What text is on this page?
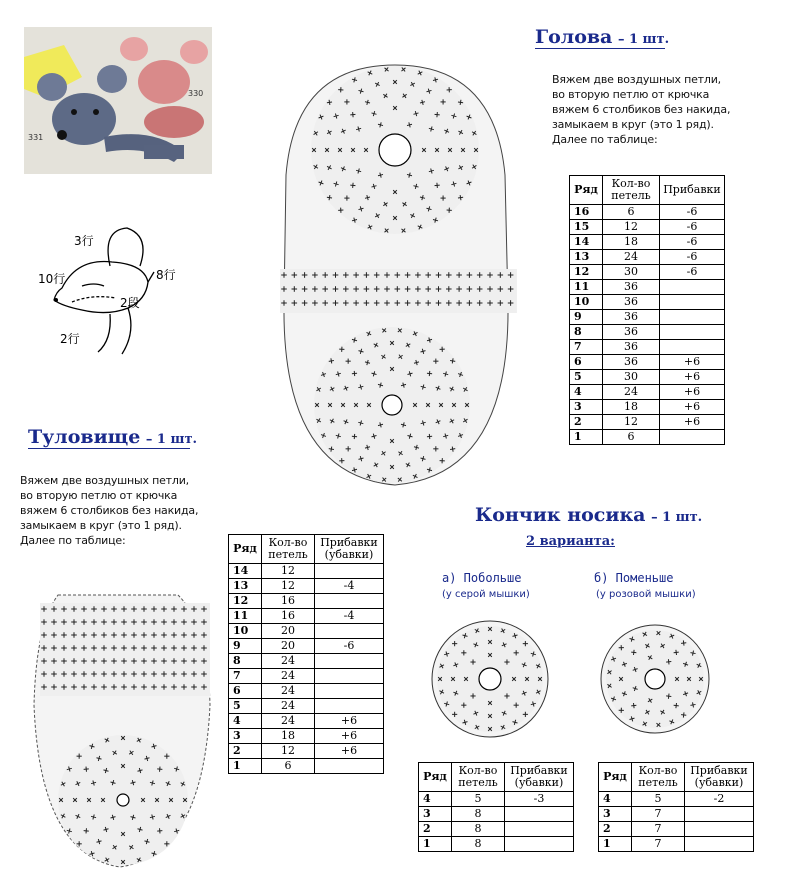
330
331
3行
10行	8行
2段
2行
Голова – 1 шт.
Вяжем две воздушных петли,
во вторую петлю от крючка
вяжем 6 столбиков без накида,
замыкаем в круг (это 1 ряд).
Далее по таблице:
Ряд	Кол-во петель	Прибавки
16	6	-6
15	12	-6
14	18	-6
13	24	-6
12	30	-6
11	36	
10	36	
9	36	
8	36	
7	36	
6	36	+6
5	30	+6
4	24	+6
3	18	+6
2	12	+6
1	6	
Туловище – 1 шт.
Вяжем две воздушных петли,
во вторую петлю от крючка
вяжем 6 столбиков без накида,
замыкаем в круг (это 1 ряд).
Далее по таблице:
Ряд	Кол-во петель	Прибавки (убавки)
14	12	
13	12	-4
12	16	
11	16	-4
10	20	
9	20	-6
8	24	
7	24	
6	24	
5	24	
4	24	+6
3	18	+6
2	12	+6
1	6	
Кончик носика – 1 шт.
2 варианта:
а) Побольше
(у серой мышки)
б) Поменьше
(у розовой мышки)
Ряд	Кол-во петель	Прибавки (убавки)
4	5	-3
3	8	
2	8	
1	8	
Ряд	Кол-во петель	Прибавки (убавки)
4	5	-2
3	7	
2	7	
1	7	
